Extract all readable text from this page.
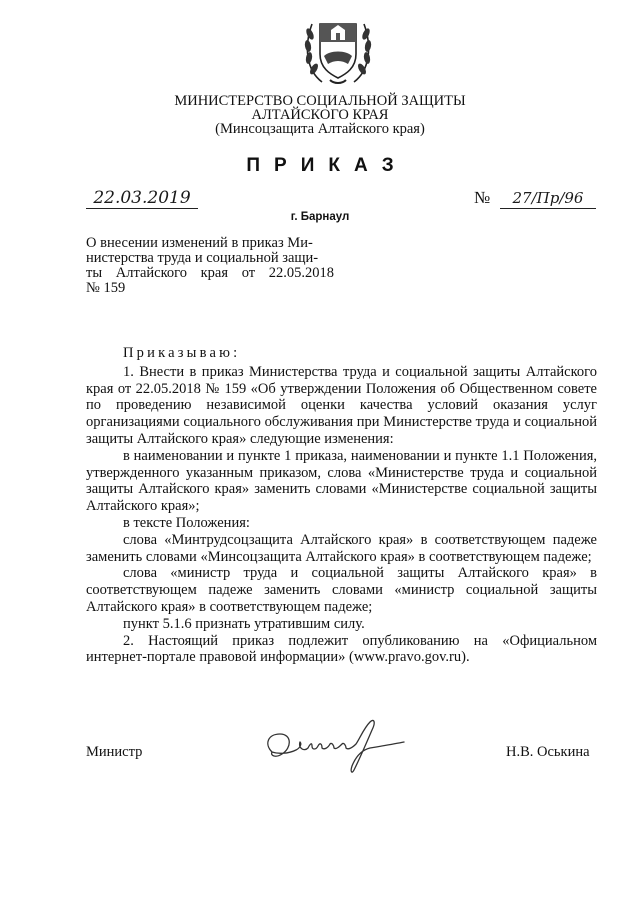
МИНИСТЕРСТВО СОЦИАЛЬНОЙ ЗАЩИТЫ
АЛТАЙСКОГО КРАЯ
(Минсоцзащита Алтайского края)
ПРИКАЗ
22.03.2019	№	27/Пр/96
г. Барнаул
О внесении изменений в приказ Ми-
нистерства труда и социальной защи-
ты Алтайского края от 22.05.2018
№ 159

Приказываю:

1. Внести в приказ Министерства труда и социальной защиты Алтайского края от 22.05.2018 № 159 «Об утверждении Положения об Общественном совете по проведению независимой оценки качества условий оказания услуг организациями социального обслуживания при Министерстве труда и социальной защиты Алтайского края» следующие изменения:

в наименовании и пункте 1 приказа, наименовании и пункте 1.1 Положения, утвержденного указанным приказом, слова «Министерстве труда и социальной защиты Алтайского края» заменить словами «Министерстве социальной защиты Алтайского края»;

в тексте Положения:

слова «Минтрудсоцзащита Алтайского края» в соответствующем падеже заменить словами «Минсоцзащита Алтайского края» в соответствующем падеже;

слова «министр труда и социальной защиты Алтайского края» в соответствующем падеже заменить словами «министр социальной защиты Алтайского края» в соответствующем падеже;

пункт 5.1.6 признать утратившим силу.

2. Настоящий приказ подлежит опубликованию на «Официальном интернет-портале правовой информации» (www.pravo.gov.ru).

Министр	Н.В. Оськина
